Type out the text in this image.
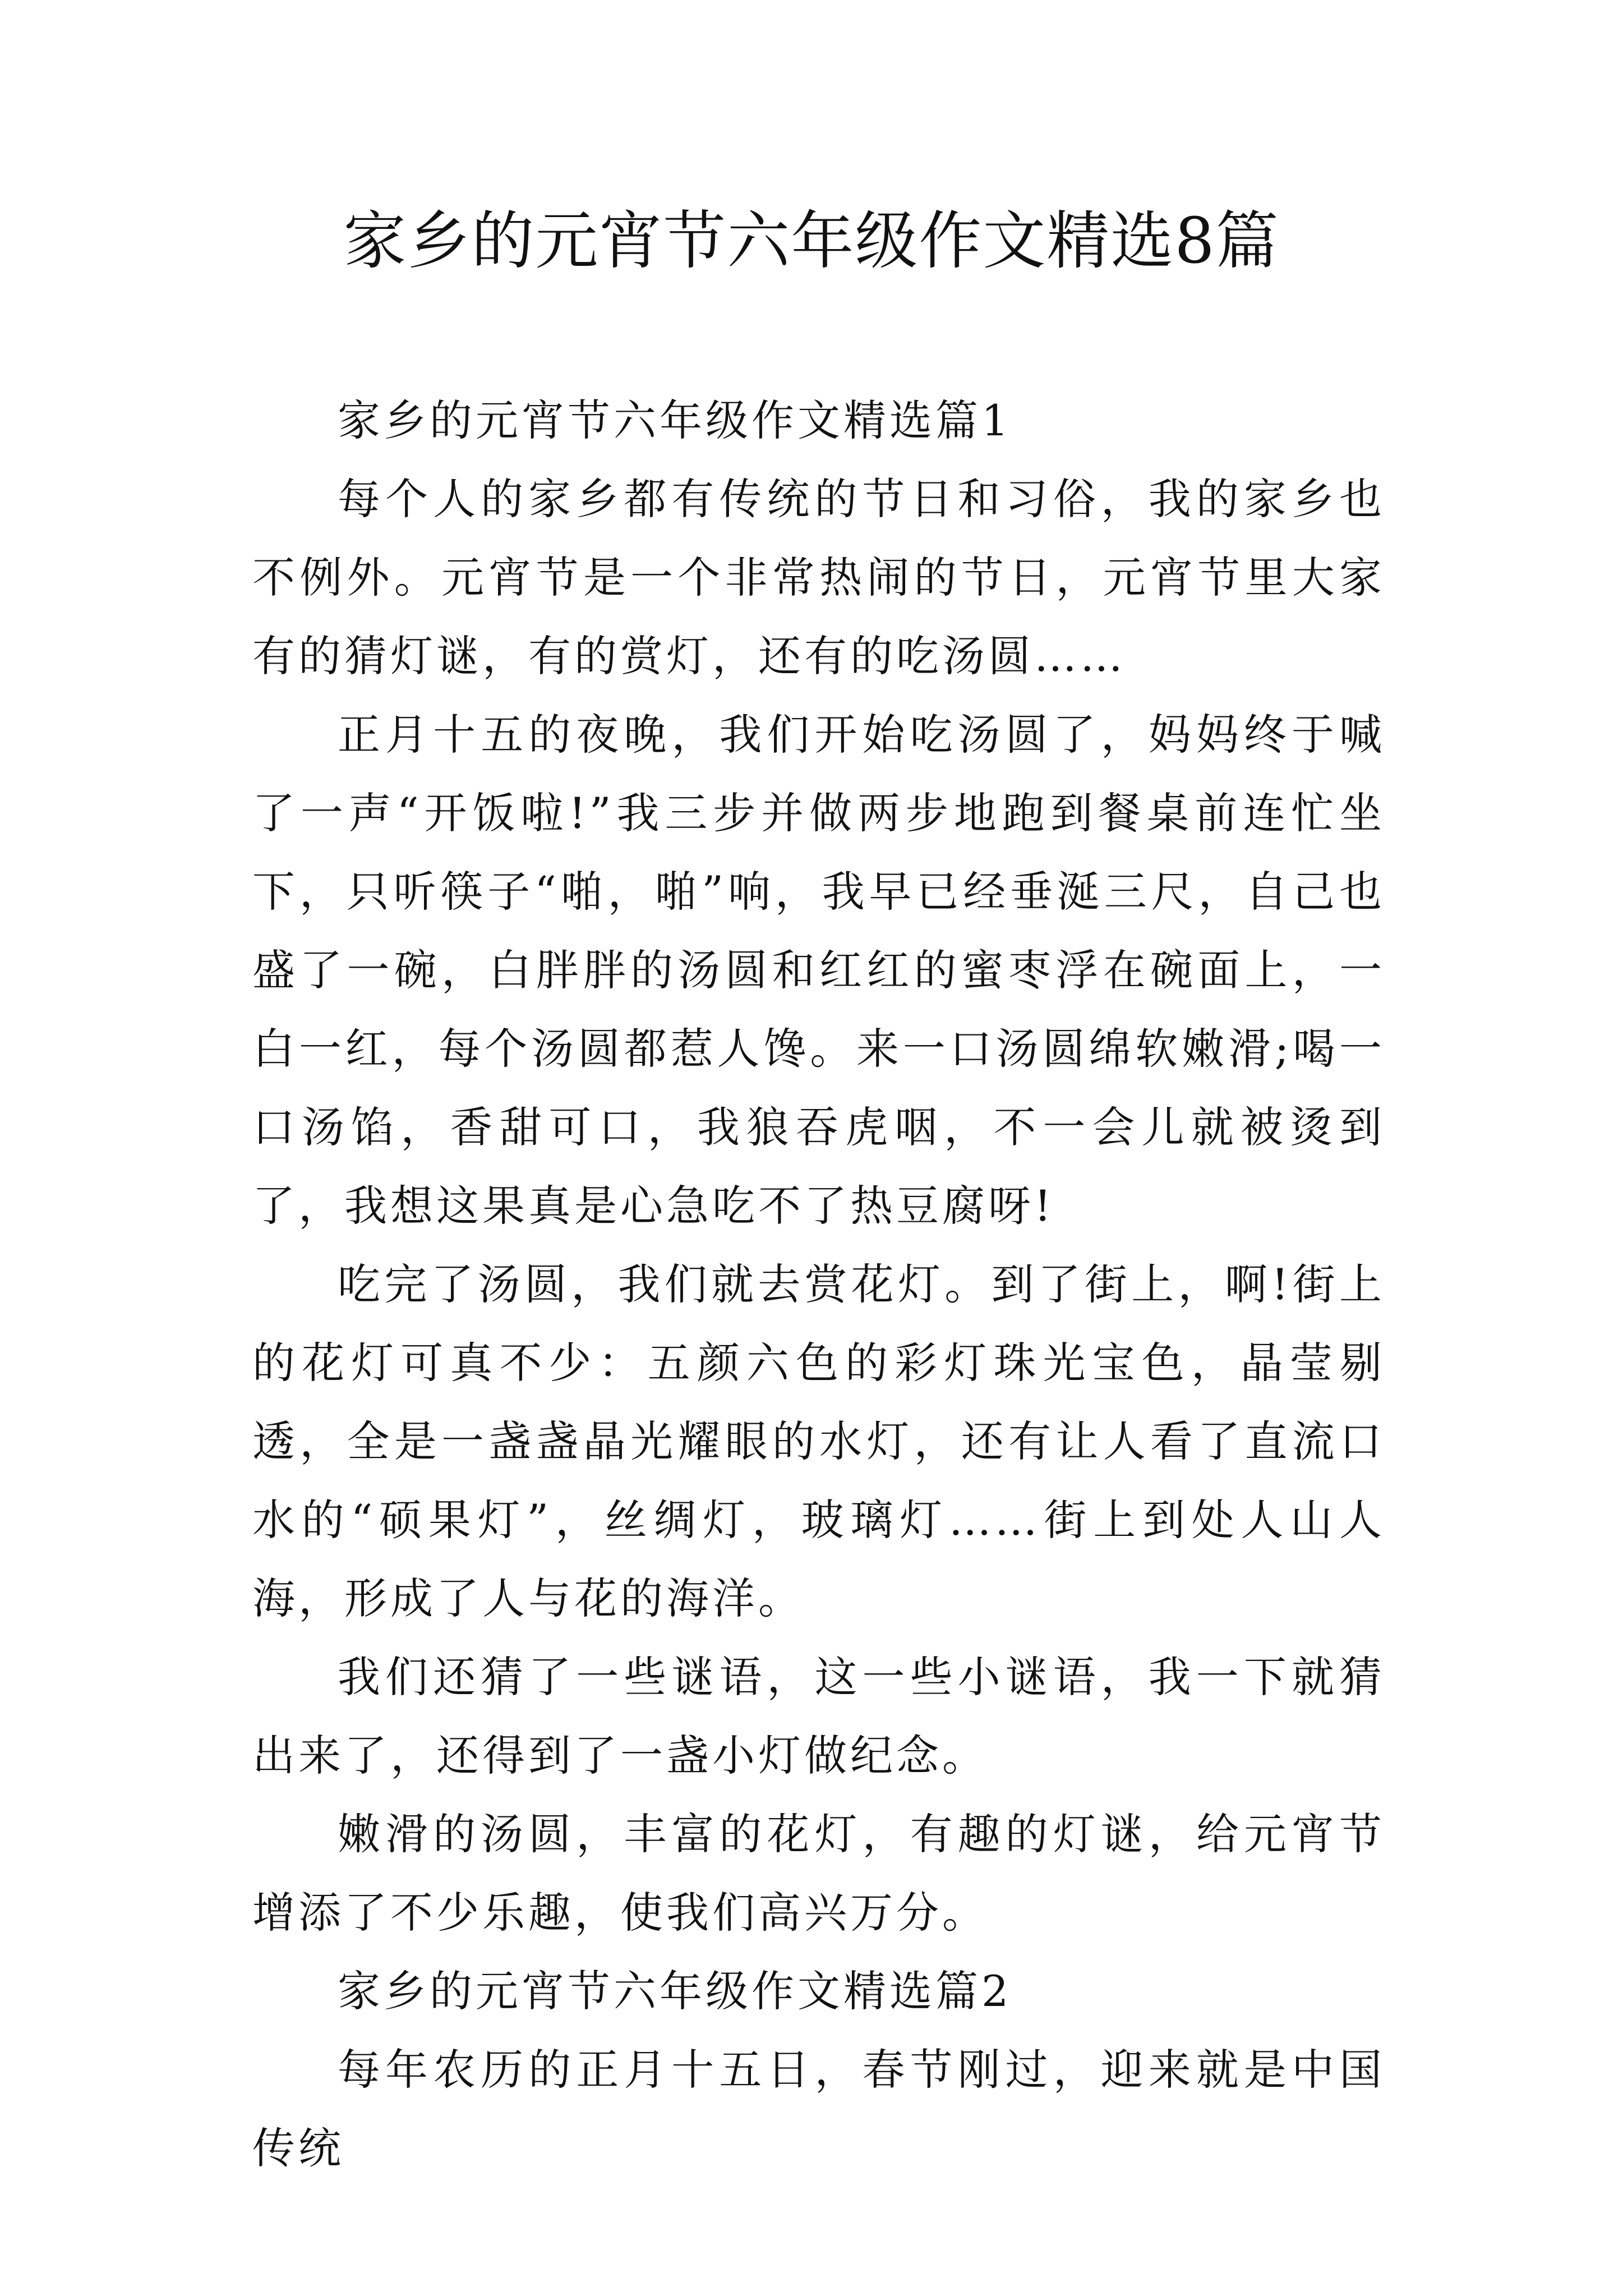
家乡的元宵节六年级作文精选8篇

家乡的元宵节六年级作文精选篇1

每个人的家乡都有传统的节日和习俗，我的家乡也不例外。元宵节是一个非常热闹的节日，元宵节里大家有的猜灯谜，有的赏灯，还有的吃汤圆……

正月十五的夜晚，我们开始吃汤圆了，妈妈终于喊了一声“开饭啦!”我三步并做两步地跑到餐桌前连忙坐下，只听筷子“啪，啪”响，我早已经垂涎三尺，自己也盛了一碗，白胖胖的汤圆和红红的蜜枣浮在碗面上，一白一红，每个汤圆都惹人馋。来一口汤圆绵软嫩滑;喝一口汤馅，香甜可口，我狼吞虎咽，不一会儿就被烫到了，我想这果真是心急吃不了热豆腐呀!

吃完了汤圆，我们就去赏花灯。到了街上，啊!街上的花灯可真不少：五颜六色的彩灯珠光宝色，晶莹剔透，全是一盏盏晶光耀眼的水灯，还有让人看了直流口水的“硕果灯”，丝绸灯，玻璃灯……街上到处人山人海，形成了人与花的海洋。

我们还猜了一些谜语，这一些小谜语，我一下就猜出来了，还得到了一盏小灯做纪念。

嫩滑的汤圆，丰富的花灯，有趣的灯谜，给元宵节增添了不少乐趣，使我们高兴万分。

家乡的元宵节六年级作文精选篇2

每年农历的正月十五日，春节刚过，迎来就是中国传统
